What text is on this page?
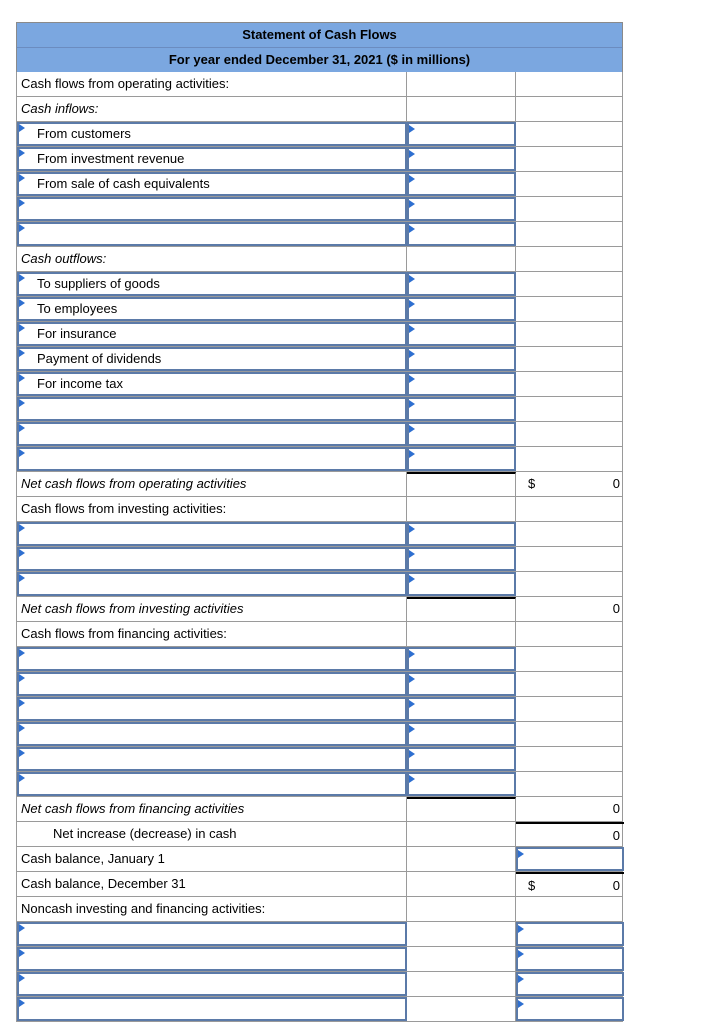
Statement of Cash Flows
For year ended December 31, 2021 ($ in millions)
Cash flows from operating activities:
Cash inflows:
From customers
From investment revenue
From sale of cash equivalents
Cash outflows:
To suppliers of goods
To employees
For insurance
Payment of dividends
For income tax
Net cash flows from operating activities	$	0
Cash flows from investing activities:
Net cash flows from investing activities	0
Cash flows from financing activities:
Net cash flows from financing activities	0
Net increase (decrease) in cash	0
Cash balance, January 1
Cash balance, December 31	$	0
Noncash investing and financing activities:
